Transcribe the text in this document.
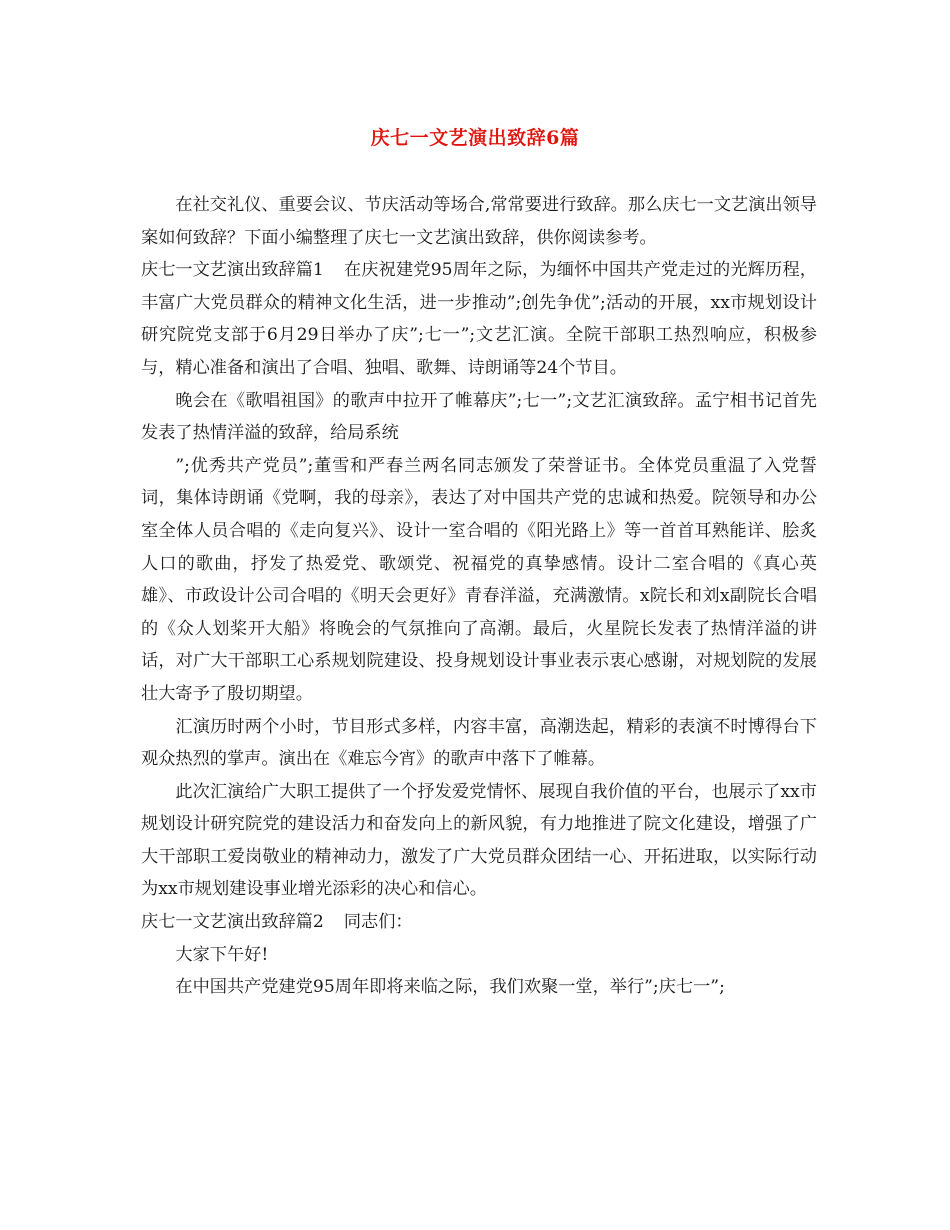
庆七一文艺演出致辞6篇

在社交礼仪、重要会议、节庆活动等场合,常常要进行致辞。那么庆七一文艺演出领导案如何致辞？下面小编整理了庆七一文艺演出致辞，供你阅读参考。

庆七一文艺演出致辞篇1 在庆祝建党95周年之际，为缅怀中国共产党走过的光辉历程，丰富广大党员群众的精神文化生活，进一步推动”;创先争优”;活动的开展，xx市规划设计研究院党支部于6月29日举办了庆”;七一”;文艺汇演。全院干部职工热烈响应，积极参与，精心准备和演出了合唱、独唱、歌舞、诗朗诵等24个节目。

晚会在《歌唱祖国》的歌声中拉开了帷幕庆”;七一”;文艺汇演致辞。孟宁相书记首先发表了热情洋溢的致辞，给局系统

”;优秀共产党员”;董雪和严春兰两名同志颁发了荣誉证书。全体党员重温了入党誓词，集体诗朗诵《党啊，我的母亲》，表达了对中国共产党的忠诚和热爱。院领导和办公室全体人员合唱的《走向复兴》、设计一室合唱的《阳光路上》等一首首耳熟能详、脍炙人口的歌曲，抒发了热爱党、歌颂党、祝福党的真挚感情。设计二室合唱的《真心英雄》、市政设计公司合唱的《明天会更好》青春洋溢，充满激情。x院长和刘x副院长合唱的《众人划桨开大船》将晚会的气氛推向了高潮。最后，火星院长发表了热情洋溢的讲话，对广大干部职工心系规划院建设、投身规划设计事业表示衷心感谢，对规划院的发展壮大寄予了殷切期望。

汇演历时两个小时，节目形式多样，内容丰富，高潮迭起，精彩的表演不时博得台下观众热烈的掌声。演出在《难忘今宵》的歌声中落下了帷幕。

此次汇演给广大职工提供了一个抒发爱党情怀、展现自我价值的平台，也展示了xx市规划设计研究院党的建设活力和奋发向上的新风貌，有力地推进了院文化建设，增强了广大干部职工爱岗敬业的精神动力，激发了广大党员群众团结一心、开拓进取，以实际行动为xx市规划建设事业增光添彩的决心和信心。

庆七一文艺演出致辞篇2 同志们：

大家下午好!

在中国共产党建党95周年即将来临之际，我们欢聚一堂，举行”;庆七一”;
